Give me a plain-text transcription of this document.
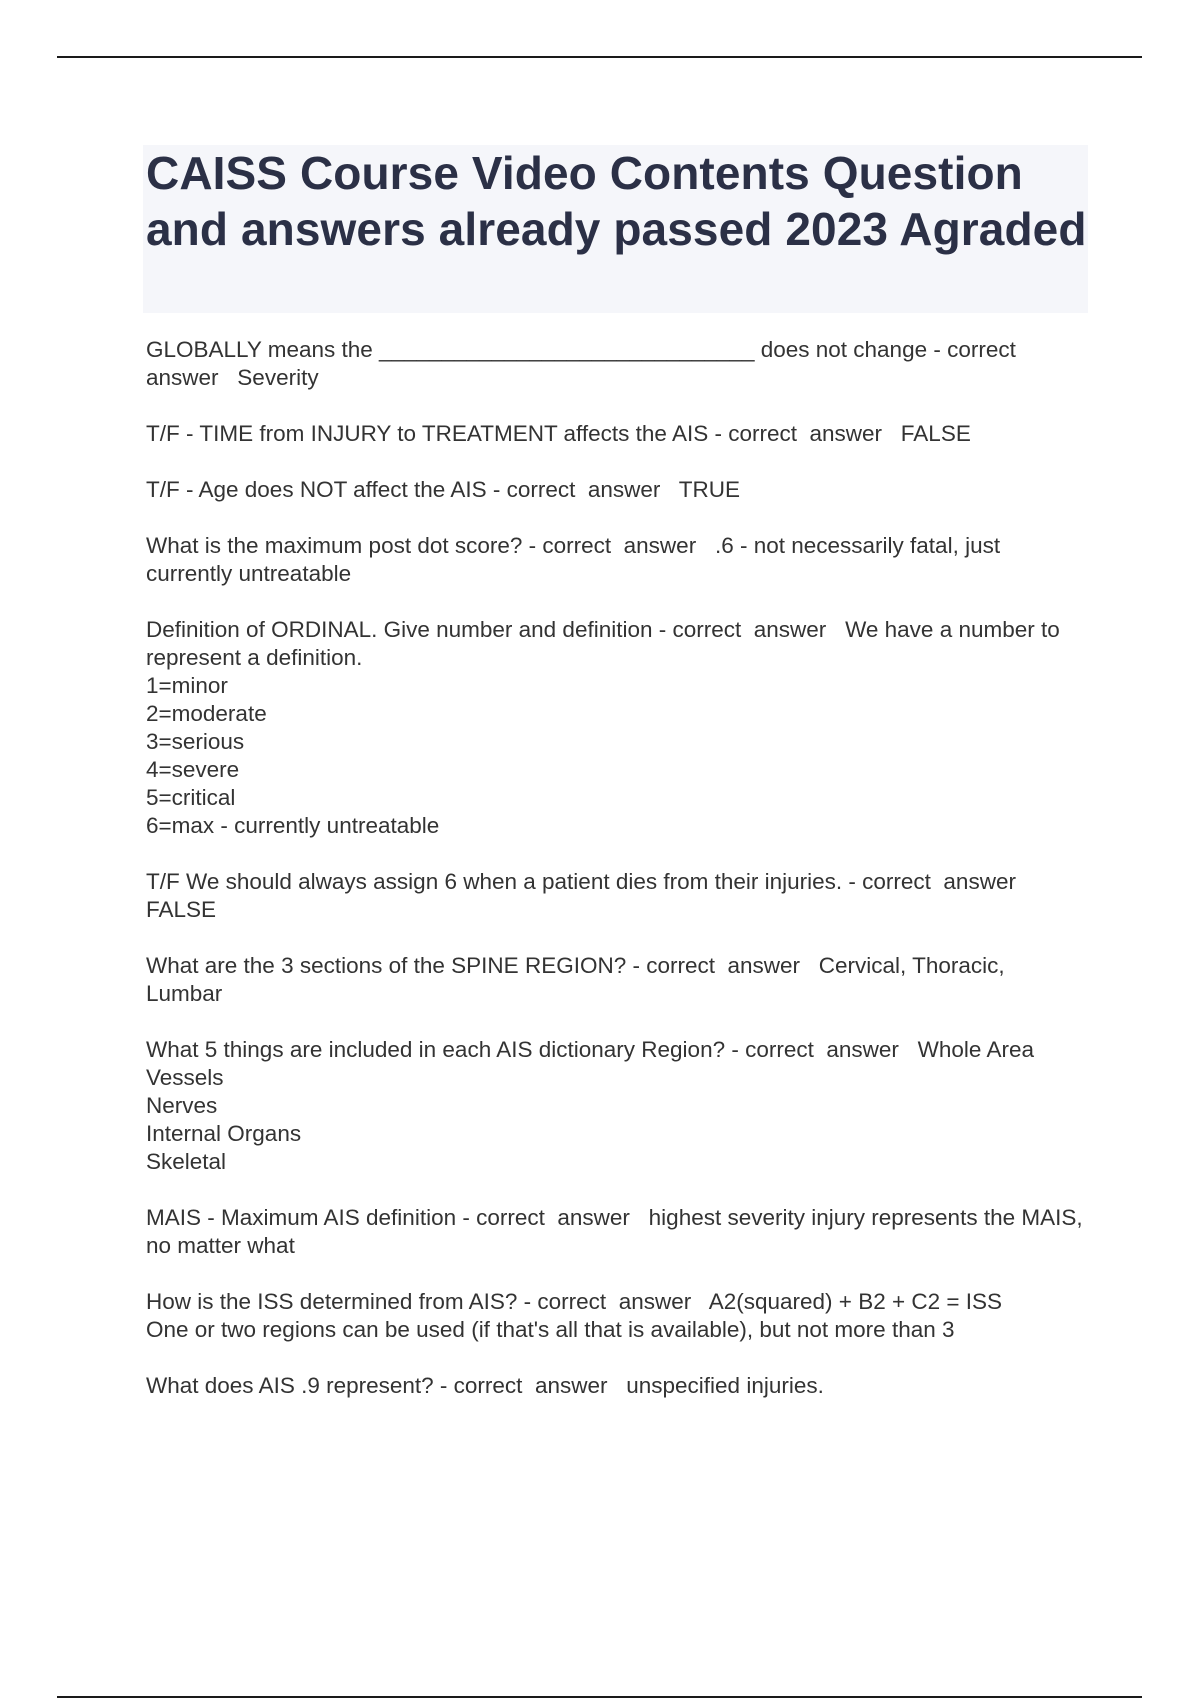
CAISS Course Video Contents Question and answers already passed 2023 Agraded

GLOBALLY means the ______________________________ does not change - correct  answer   Severity

T/F - TIME from INJURY to TREATMENT affects the AIS - correct  answer   FALSE

T/F - Age does NOT affect the AIS - correct  answer   TRUE

What is the maximum post dot score? - correct  answer   .6 - not necessarily fatal, just currently untreatable

Definition of ORDINAL. Give number and definition - correct  answer   We have a number to represent a definition.
1=minor
2=moderate
3=serious
4=severe
5=critical
6=max - currently untreatable

T/F We should always assign 6 when a patient dies from their injuries. - correct  answer   FALSE

What are the 3 sections of the SPINE REGION? - correct  answer   Cervical, Thoracic, Lumbar

What 5 things are included in each AIS dictionary Region? - correct  answer   Whole Area
Vessels
Nerves
Internal Organs
Skeletal

MAIS - Maximum AIS definition - correct  answer   highest severity injury represents the MAIS, no matter what

How is the ISS determined from AIS? - correct  answer   A2(squared) + B2 + C2 = ISS
One or two regions can be used (if that's all that is available), but not more than 3

What does AIS .9 represent? - correct  answer   unspecified injuries.
